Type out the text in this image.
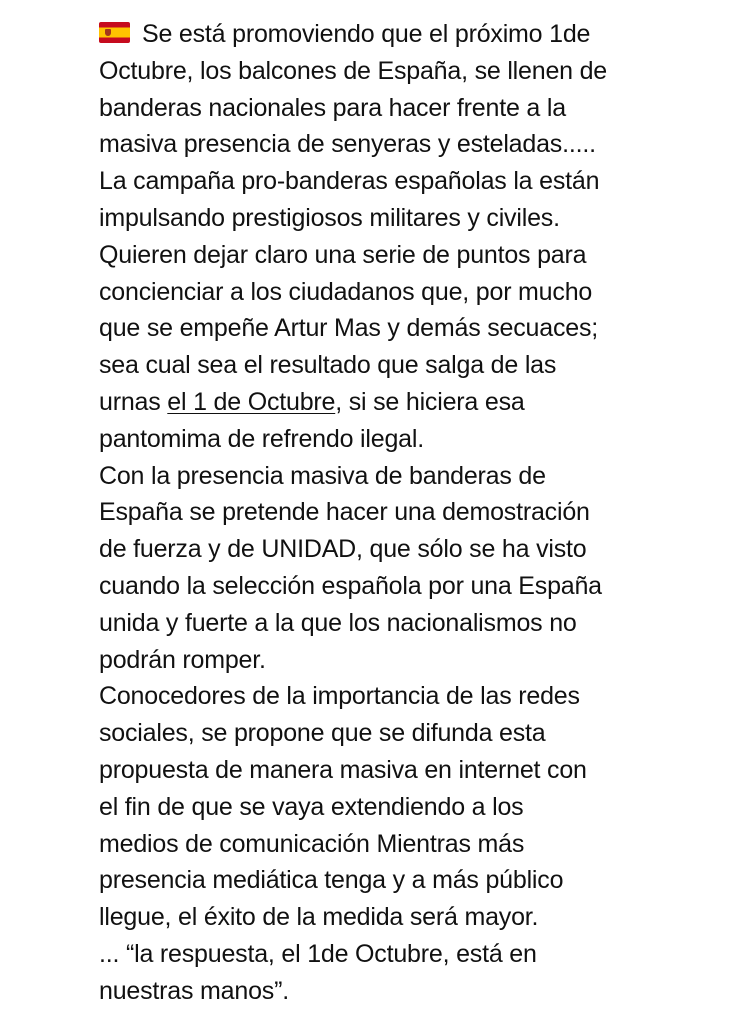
Se está promoviendo que el próximo 1de
Octubre, los balcones de España, se llenen de
banderas nacionales para hacer frente a la
masiva presencia de senyeras y esteladas.....
La campaña pro-banderas españolas la están
impulsando prestigiosos militares y civiles.
Quieren dejar claro una serie de puntos para
concienciar a los ciudadanos que, por mucho
que se empeñe Artur Mas y demás secuaces;
sea cual sea el resultado que salga de las
urnas el 1 de Octubre, si se hiciera esa
pantomima de refrendo ilegal.
Con la presencia masiva de banderas de
España se pretende hacer una demostración
de fuerza y de UNIDAD, que sólo se ha visto
cuando la selección española por una España
unida y fuerte a la que los nacionalismos no
podrán romper.
Conocedores de la importancia de las redes
sociales, se propone que se difunda esta
propuesta de manera masiva en internet con
el fin de que se vaya extendiendo a los
medios de comunicación Mientras más
presencia mediática tenga y a más público
llegue, el éxito de la medida será mayor.
... “la respuesta, el 1de Octubre, está en
nuestras manos”.
